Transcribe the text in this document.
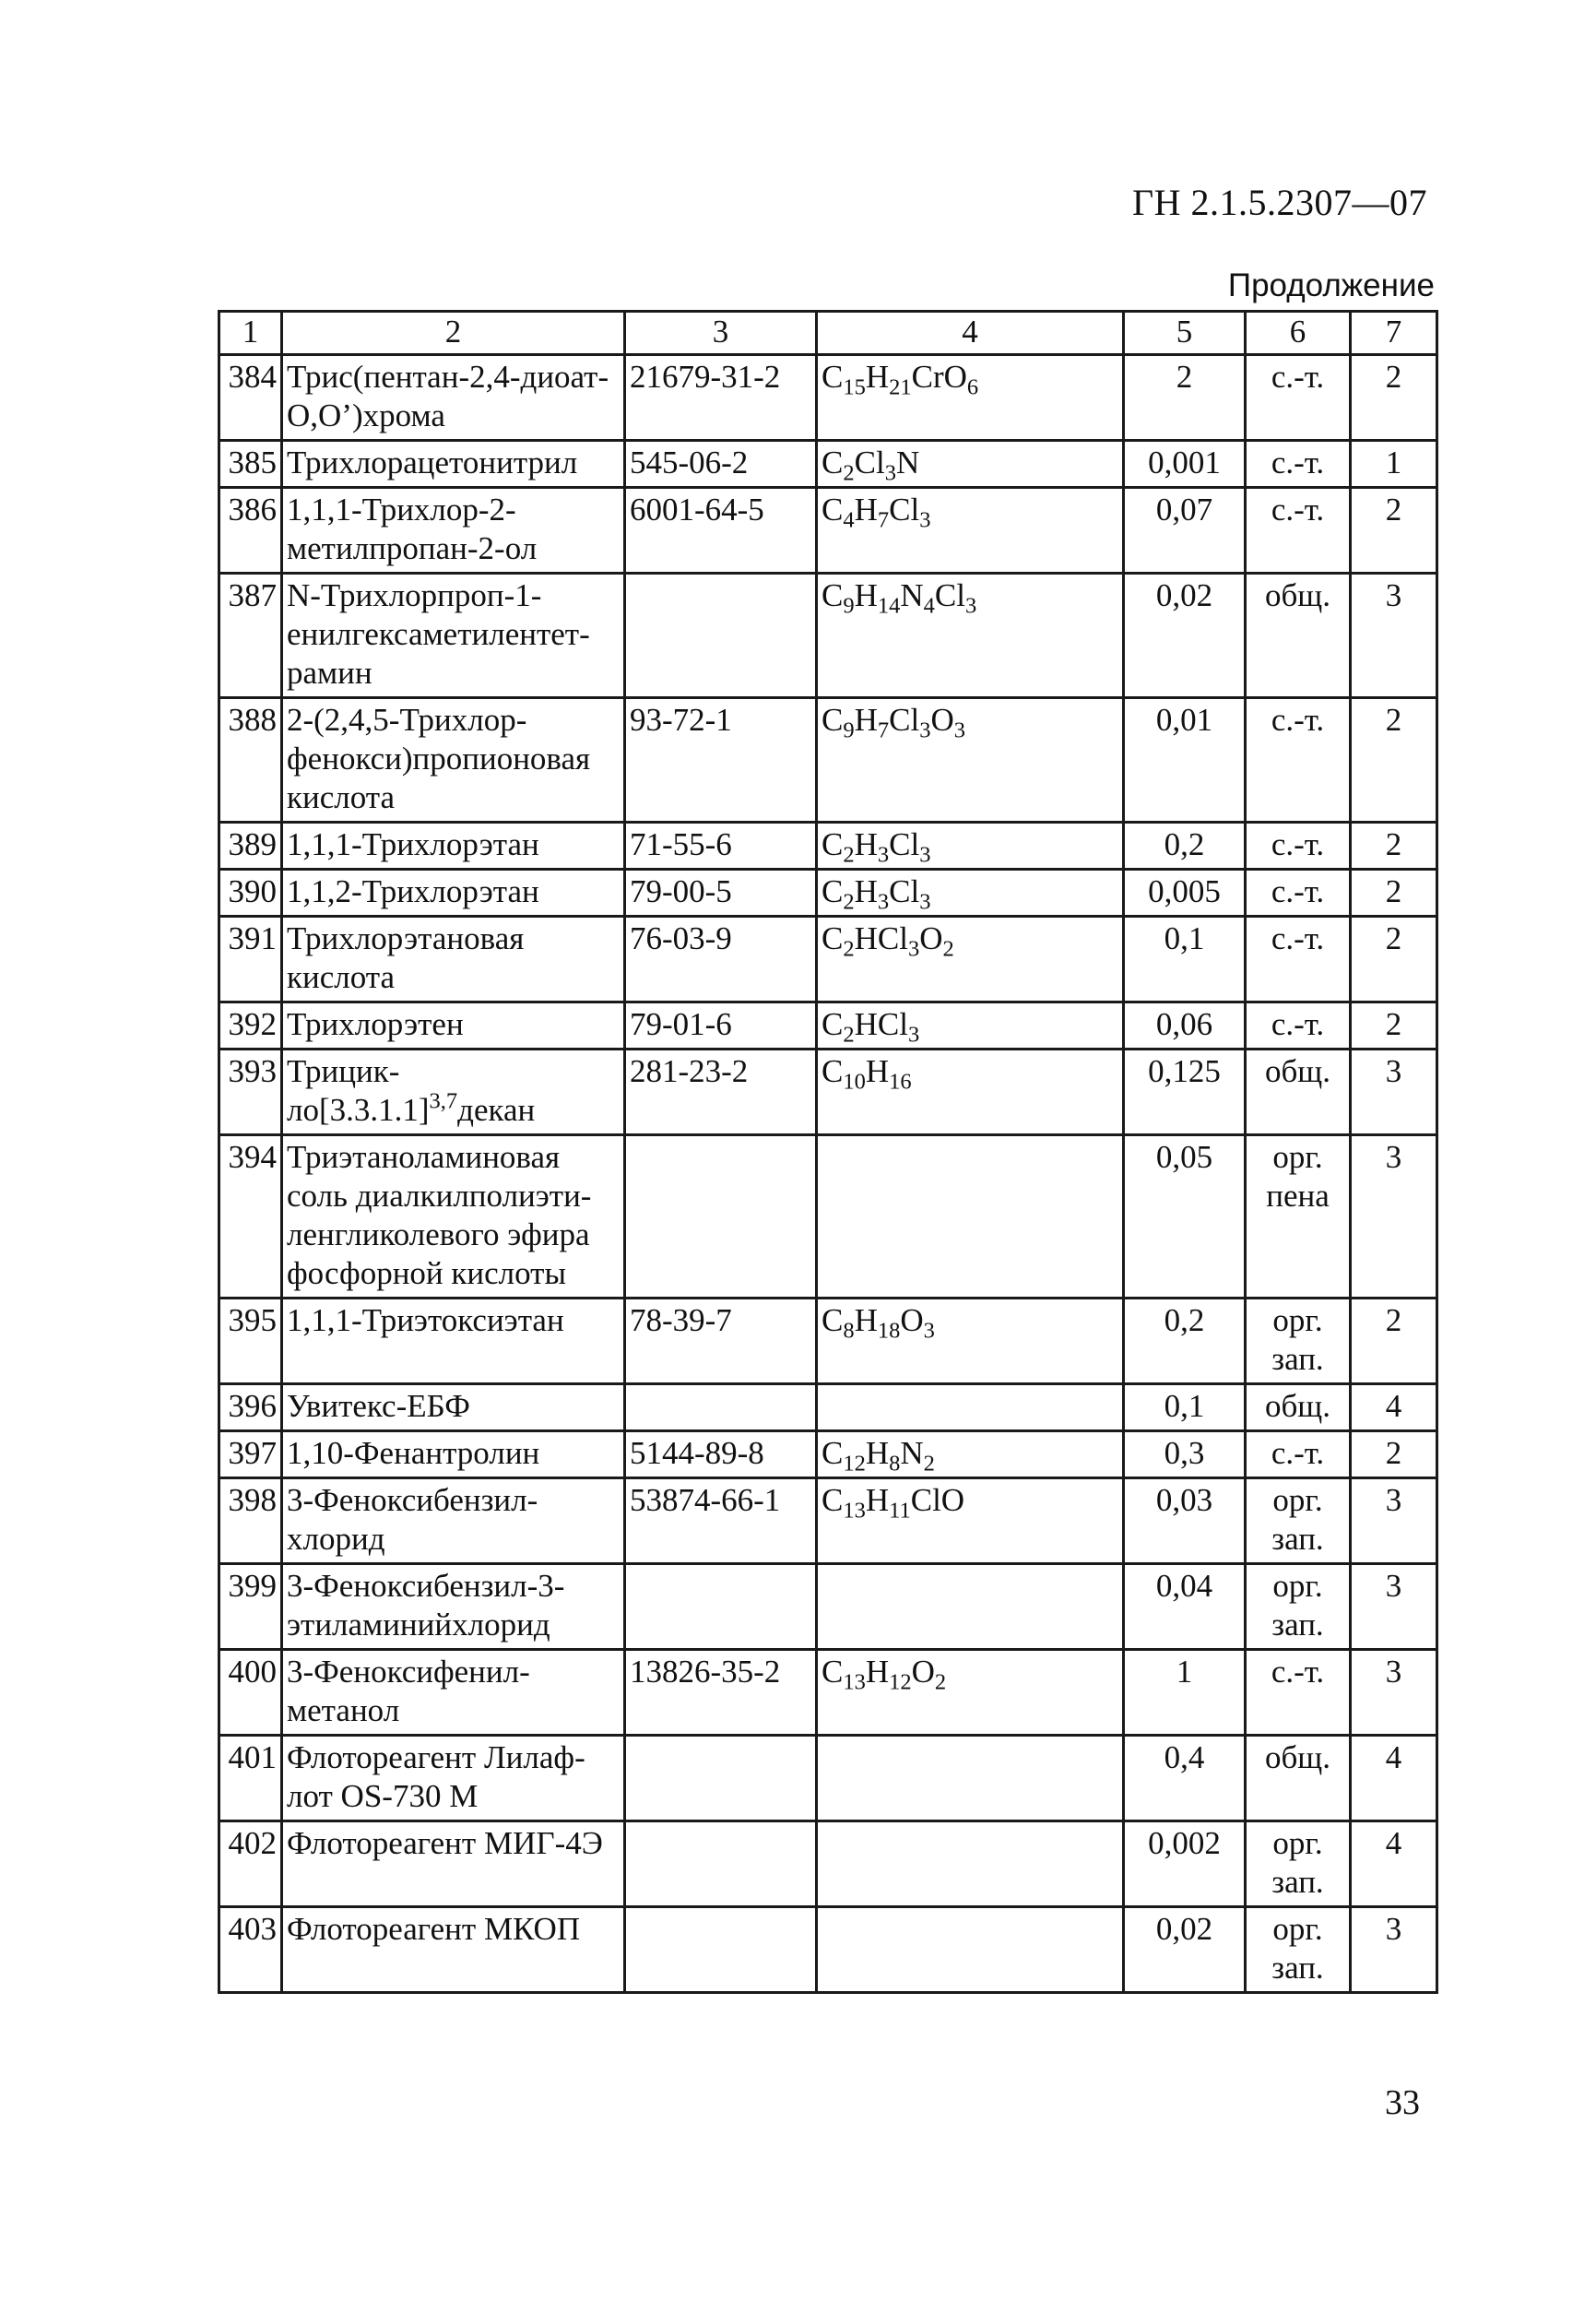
ГН 2.1.5.2307—07
Продолжение
1	2	3	4	5	6	7
384	Трис(пентан-2,4-диоат-О,О’)хрома	21679-31-2	$C_{15}H_{21}CrO_6$	2	с.-т.	2
385	Трихлорацетонитрил	545-06-2	$C_2Cl_3N$	0,001	с.-т.	1
386	1,1,1-Трихлор-2-метилпропан-2-ол	6001-64-5	$C_4H_7Cl_3$	0,07	с.-т.	2
387	N-Трихлорпроп-1-енилгексаметилентет-рамин		$C_9H_{14}N_4Cl_3$	0,02	общ.	3
388	2-(2,4,5-Трихлор-фенокси)пропионовая кислота	93-72-1	$C_9H_7Cl_3O_3$	0,01	с.-т.	2
389	1,1,1-Трихлорэтан	71-55-6	$C_2H_3Cl_3$	0,2	с.-т.	2
390	1,1,2-Трихлорэтан	79-00-5	$C_2H_3Cl_3$	0,005	с.-т.	2
391	Трихлорэтановая кислота	76-03-9	$C_2HCl_3O_2$	0,1	с.-т.	2
392	Трихлорэтен	79-01-6	$C_2HCl_3$	0,06	с.-т.	2
393	Трицик-$ло[3.3.1.1]^{3,7}декан$	281-23-2	$C_{10}H_{16}$	0,125	общ.	3
394	Триэтаноламиновая соль диалкилполиэти-ленгликолевого эфира фосфорной кислоты			0,05	орг. пена	3
395	1,1,1-Триэтоксиэтан	78-39-7	$C_8H_{18}O_3$	0,2	орг. зап.	2
396	Увитекс-ЕБФ			0,1	общ.	4
397	1,10-Фенантролин	5144-89-8	$C_{12}H_8N_2$	0,3	с.-т.	2
398	3-Феноксибензил-хлорид	53874-66-1	$C_{13}H_{11}ClO$	0,03	орг. зап.	3
399	3-Феноксибензил-3-этиламинийхлорид			0,04	орг. зап.	3
400	3-Феноксифенил-метанол	13826-35-2	$C_{13}H_{12}O_2$	1	с.-т.	3
401	Флотореагент Лилаф-лот OS-730 М			0,4	общ.	4
402	Флотореагент МИГ-4Э			0,002	орг. зап.	4
403	Флотореагент МКОП			0,02	орг. зап.	3
33
